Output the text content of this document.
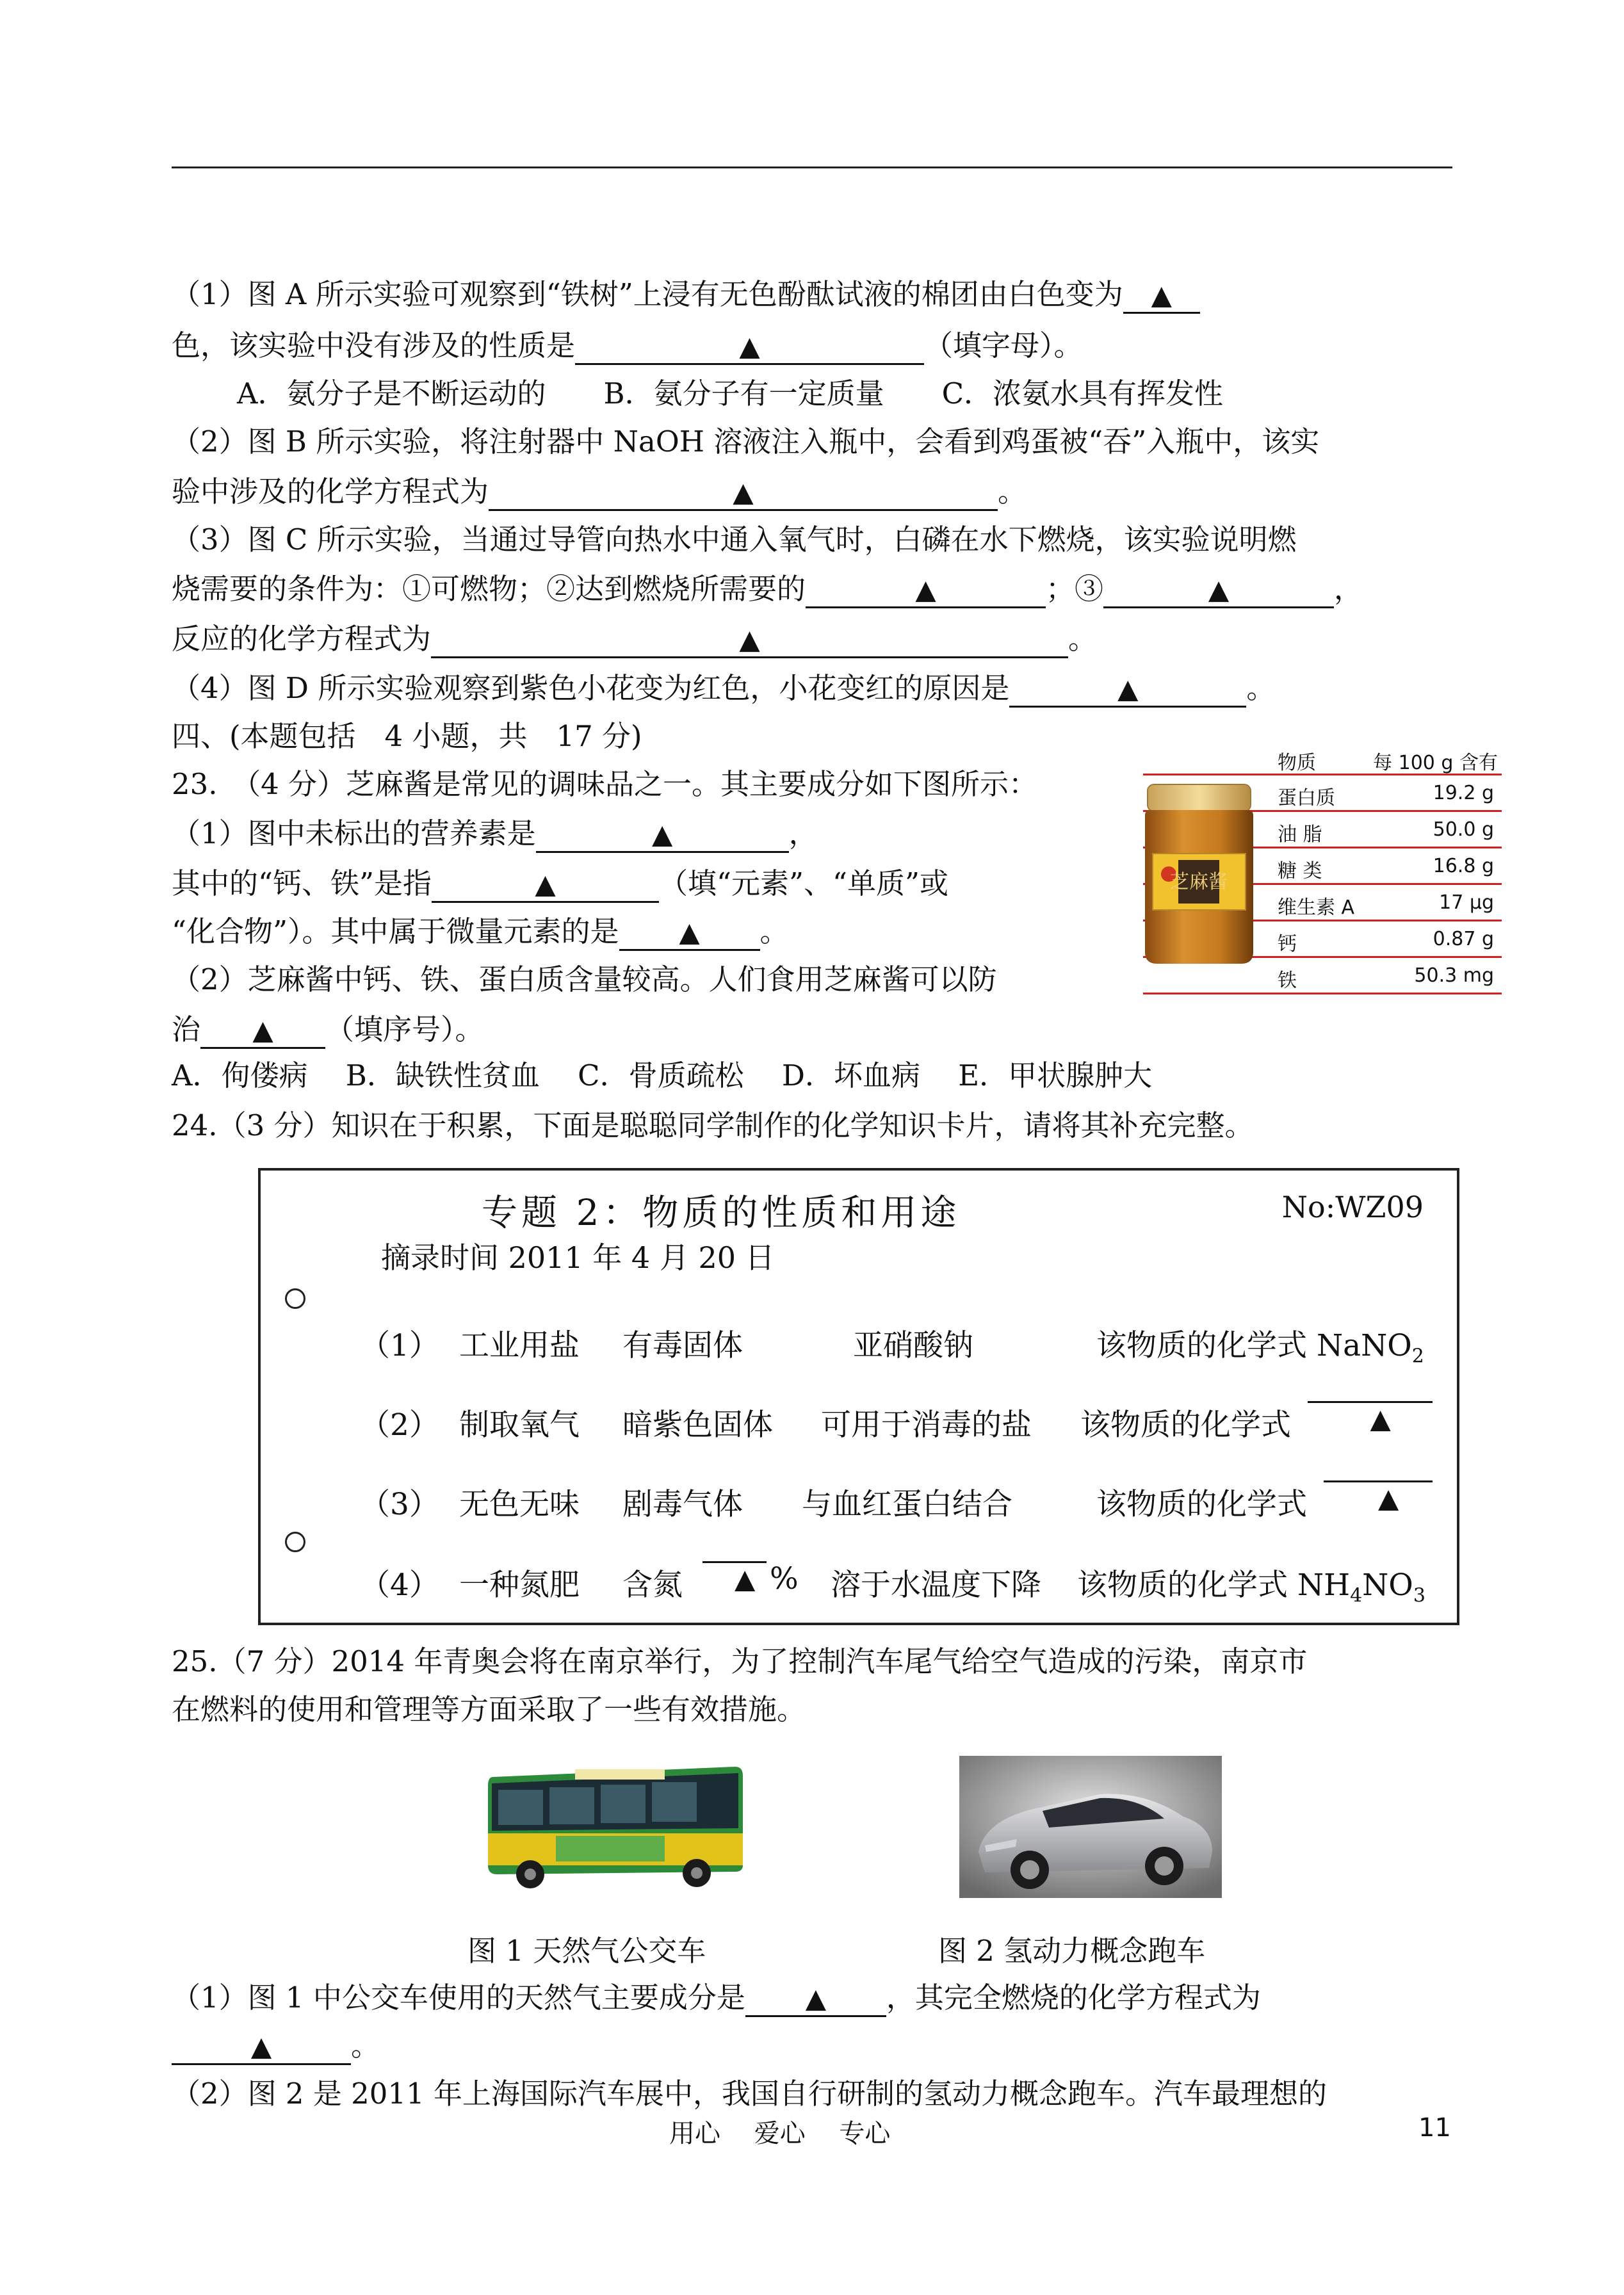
（1）图 A 所示实验可观察到“铁树”上浸有无色酚酞试液的棉团由白色变为 ▲
色，该实验中没有涉及的性质是	▲	（填字母）。
A．氨分子是不断运动的　　B．氨分子有一定质量　　C．浓氨水具有挥发性
（2）图 B 所示实验，将注射器中 NaOH 溶液注入瓶中，会看到鸡蛋被“吞”入瓶中，该实
验中涉及的化学方程式为	▲	。
（3）图 C 所示实验，当通过导管向热水中通入氧气时，白磷在水下燃烧，该实验说明燃
烧需要的条件为：①可燃物；②达到燃烧所需要的	▲	；③	▲	，
反应的化学方程式为	▲	。
（4）图 D 所示实验观察到紫色小花变为红色，小花变红的原因是	▲	。
四、(本题包括　4 小题，共　17 分)
23.　（4 分）芝麻酱是常见的调味品之一。其主要成分如下图所示：
（1）图中未标出的营养素是	▲	，
其中的“钙、铁”是指	▲	（填“元素”、“单质”或
“化合物”）。其中属于微量元素的是 ▲ 。
（2）芝麻酱中钙、铁、蛋白质含量较高。人们食用芝麻酱可以防
治 ▲ （填序号）。
A．佝偻病　 B．缺铁性贫血　 C．骨质疏松　 D．坏血病　 E．甲状腺肿大
物质	每 100 g 含有
蛋白质	19.2 g
油 脂	50.0 g
糖 类	16.8 g
维生素 A	17 μg
钙	0.87 g
铁	50.3 mg
芝麻酱
24.（3 分）知识在于积累，下面是聪聪同学制作的化学知识卡片，请将其补充完整。
专题 2：物质的性质和用途	No:WZ09
摘录时间 2011 年 4 月 20 日
（1） 工业用盐 有毒固体	亚硝酸钠	该物质的化学式 NaNO$_2$
（2） 制取氧气 暗紫色固体 可用于消毒的盐 该物质的化学式	▲
（3） 无色无味 剧毒气体 与血红蛋白结合	该物质的化学式	▲
（4） 一种氮肥 含氮 ▲ % 溶于水温度下降 该物质的化学式 $NH_4NO_3$
25.（7 分）2014 年青奥会将在南京举行，为了控制汽车尾气给空气造成的污染，南京市
在燃料的使用和管理等方面采取了一些有效措施。
图 1 天然气公交车	图 2 氢动力概念跑车
（1）图 1 中公交车使用的天然气主要成分是 ▲ ，其完全燃烧的化学方程式为
▲	。
（2）图 2 是 2011 年上海国际汽车展中，我国自行研制的氢动力概念跑车。汽车最理想的
用心　 爱心　 专心	11
